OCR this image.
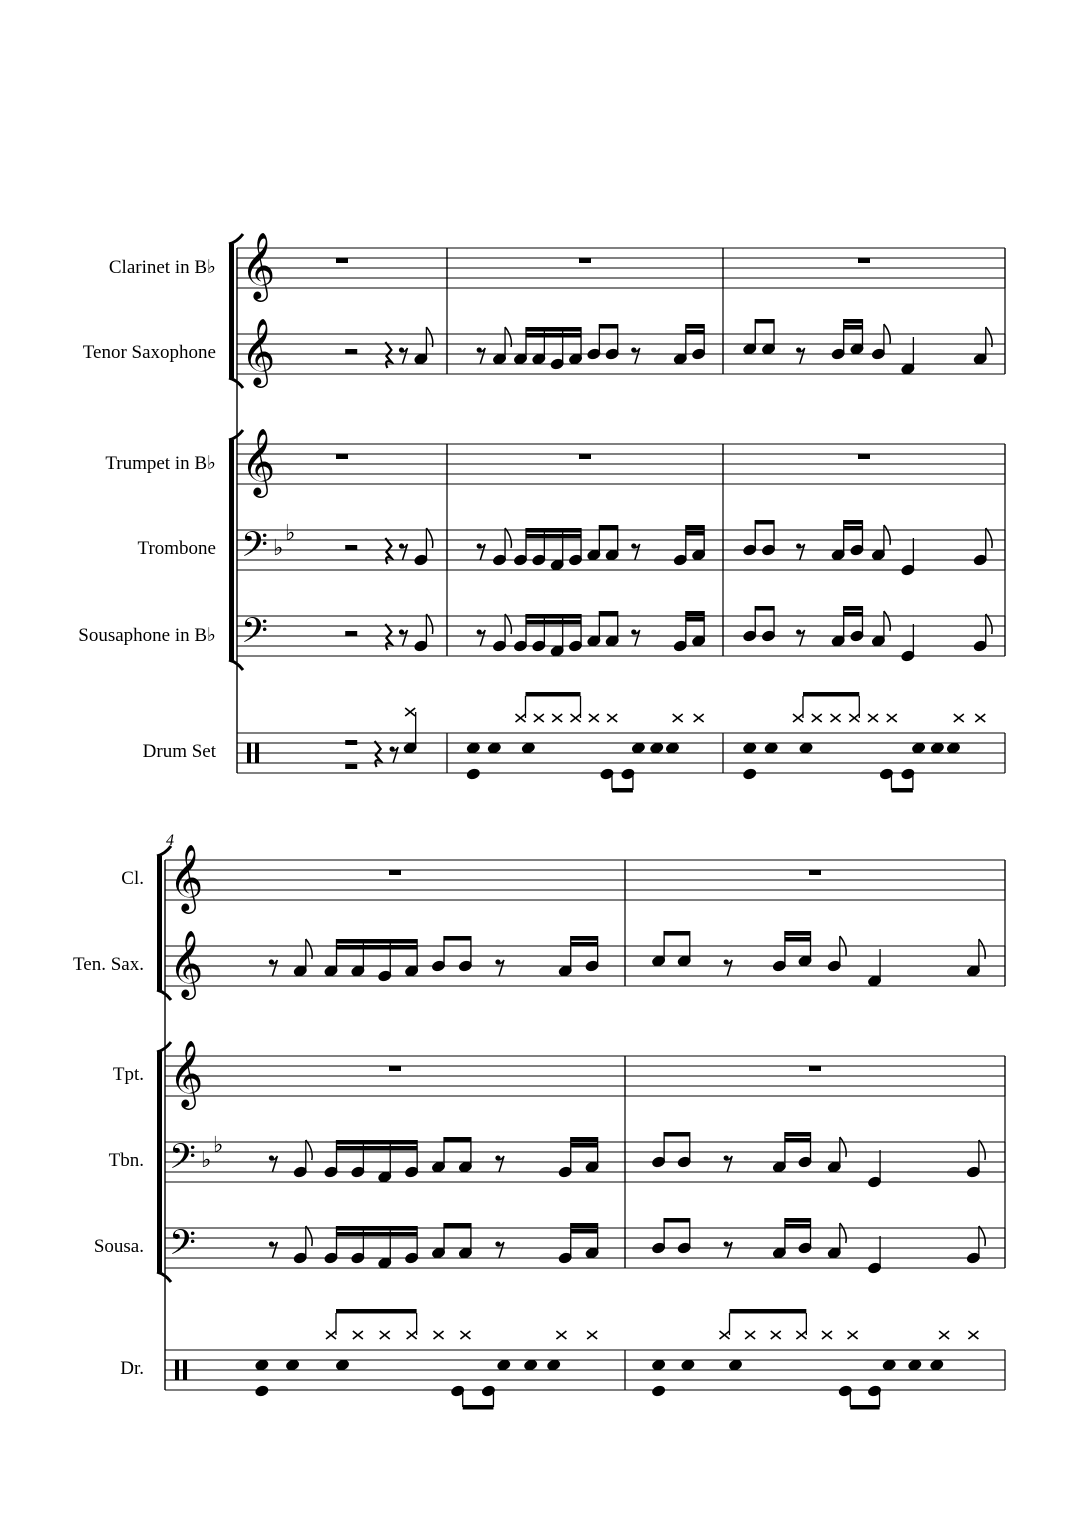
Clarinet in B♭
Tenor Saxophone
Trumpet in B♭
Trombone
Sousaphone in B♭
Drum Set
Cl.
Ten. Sax.
Tpt.
Tbn.
Sousa.
Dr.
4
𝄞
𝄞
𝄞
𝄢 ♭
♭
𝄢
𝄞
𝄞
𝄞
𝄢 ♭
♭
𝄢
